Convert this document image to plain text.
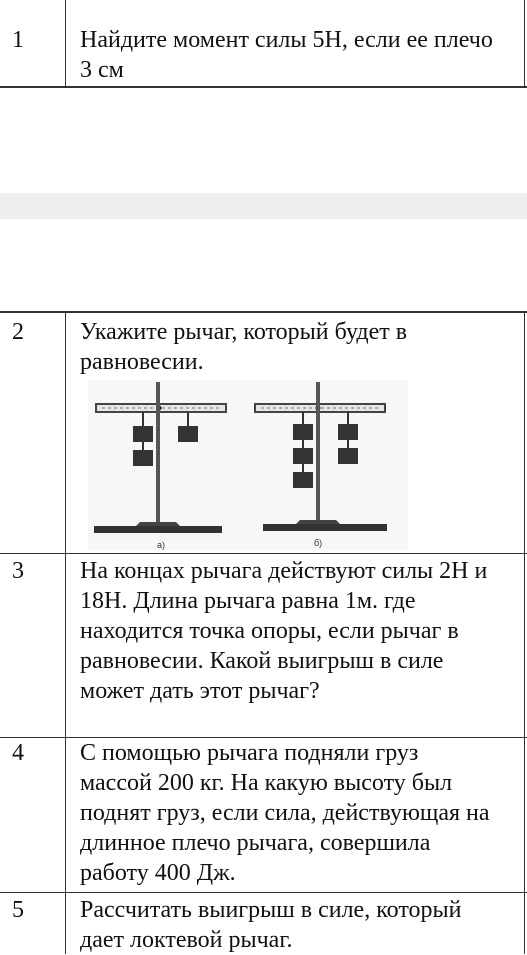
1 Найдите момент силы 5Н, если ее плечо 3 см
2 Укажите рычаг, который будет в равновесии.
а)	б)
3 На концах рычага действуют силы 2Н и 18Н. Длина рычага равна 1м. где находится точка опоры, если рычаг в равновесии. Какой выигрыш в силе может дать этот рычаг?
4 С помощью рычага подняли груз массой 200 кг. На какую высоту был поднят груз, если сила, действующая на длинное плечо рычага, совершила работу 400 Дж.
5 Рассчитать выигрыш в силе, который дает локтевой рычаг.
